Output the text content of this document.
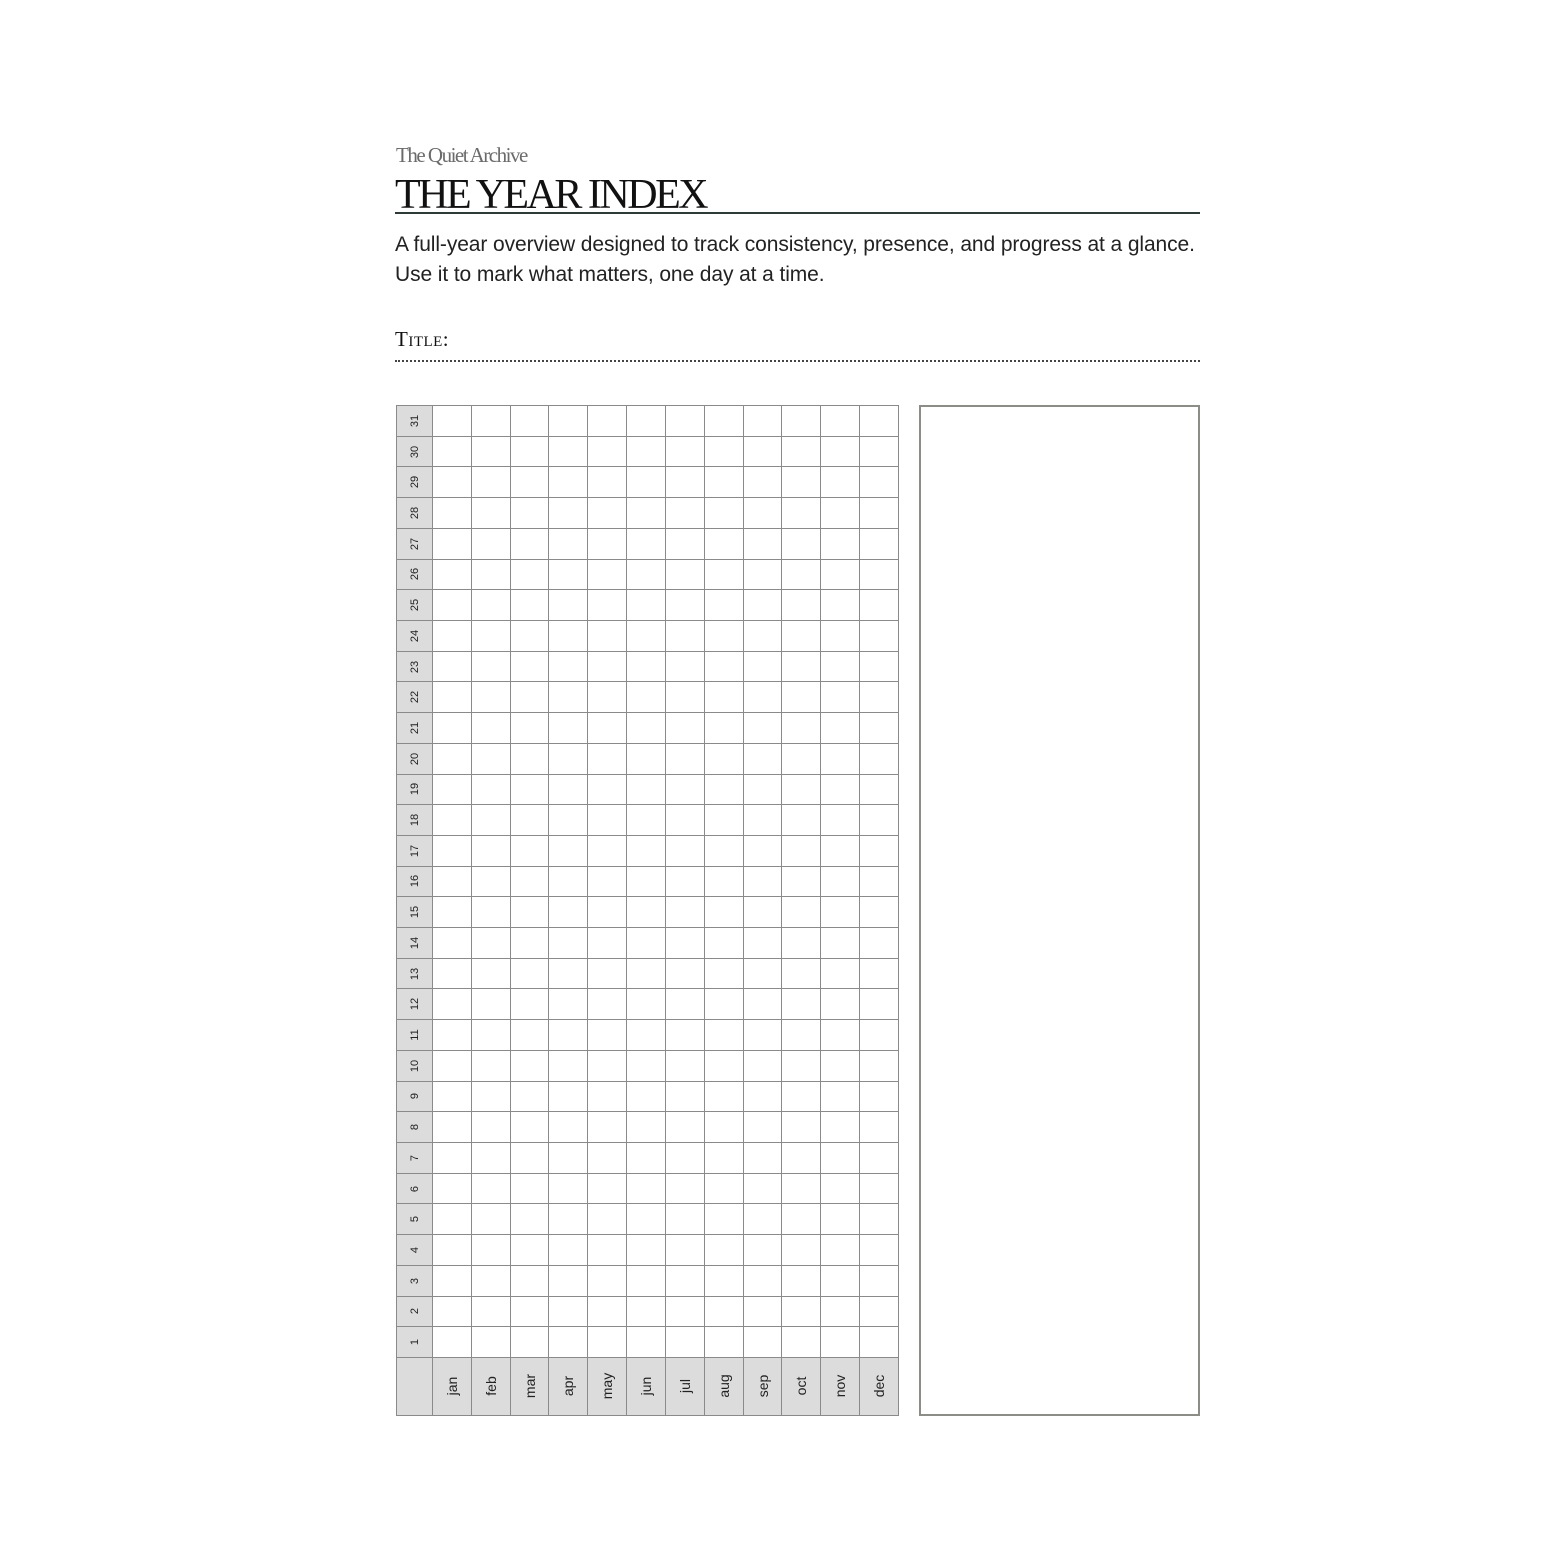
The Quiet Archive
THE YEAR INDEX

A full-year overview designed to track consistency, presence, and progress at a glance. Use it to mark what matters, one day at a time.

Title:
31
30
29
28
27
26
25
24
23
22
21
20
19
18
17
16
15
14
13
12
11
10
9
8
7
6
5
4
3
2
1
jan feb mar apr may jun jul aug sep oct nov dec
